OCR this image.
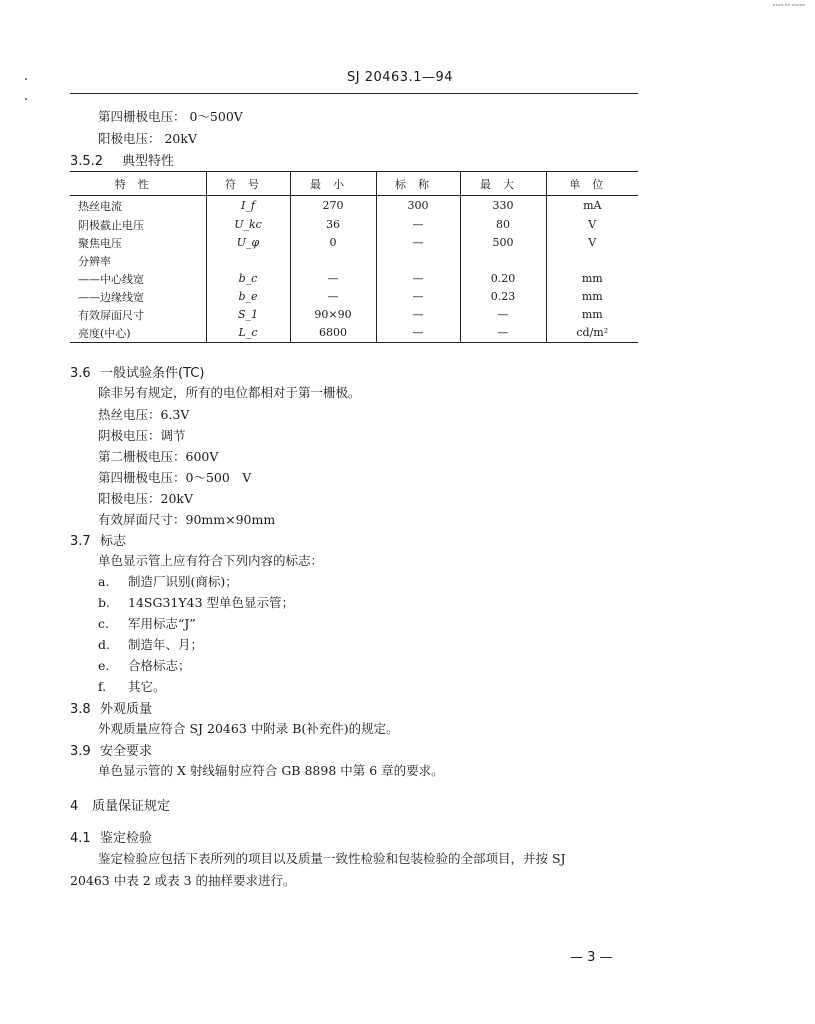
▪▪▪▪ ▪▪ ▪▪▪▪▪
SJ 20463.1—94
第四栅极电压： 0～500V
阳极电压： 20kV
3.5.2 典型特性
特性	符号	最小	标称	最大	单位
热丝电流	I_f	270	300	330	mA
阴极截止电压	U_kc	36	—	80	V
聚焦电压	U_φ	0	—	500	V
分辨率					
——中心线宽	b_c	—	—	0.20	mm
——边缘线宽	b_e	—	—	0.23	mm
有效屏面尺寸	S_1	90×90	—	—	mm
亮度(中心)	L_c	6800	—	—	cd/m²
3.6 一般试验条件(TC)
除非另有规定，所有的电位都相对于第一栅极。
热丝电压：6.3V
阴极电压：调节
第二栅极电压：600V
第四栅极电压：0～500　V
阳极电压：20kV
有效屏面尺寸：90mm×90mm
3.7 标志
单色显示管上应有符合下列内容的标志：
a. 制造厂识别(商标)；
b. 14SG31Y43 型单色显示管；
c. 军用标志“J”
d. 制造年、月；
e. 合格标志；
f. 其它。
3.8 外观质量
外观质量应符合 SJ 20463 中附录 B(补充件)的规定。
3.9 安全要求
单色显示管的 X 射线辐射应符合 GB 8898 中第 6 章的要求。
4 质量保证规定
4.1 鉴定检验
鉴定检验应包括下表所列的项目以及质量一致性检验和包装检验的全部项目，并按 SJ
20463 中表 2 或表 3 的抽样要求进行。
— 3 —
